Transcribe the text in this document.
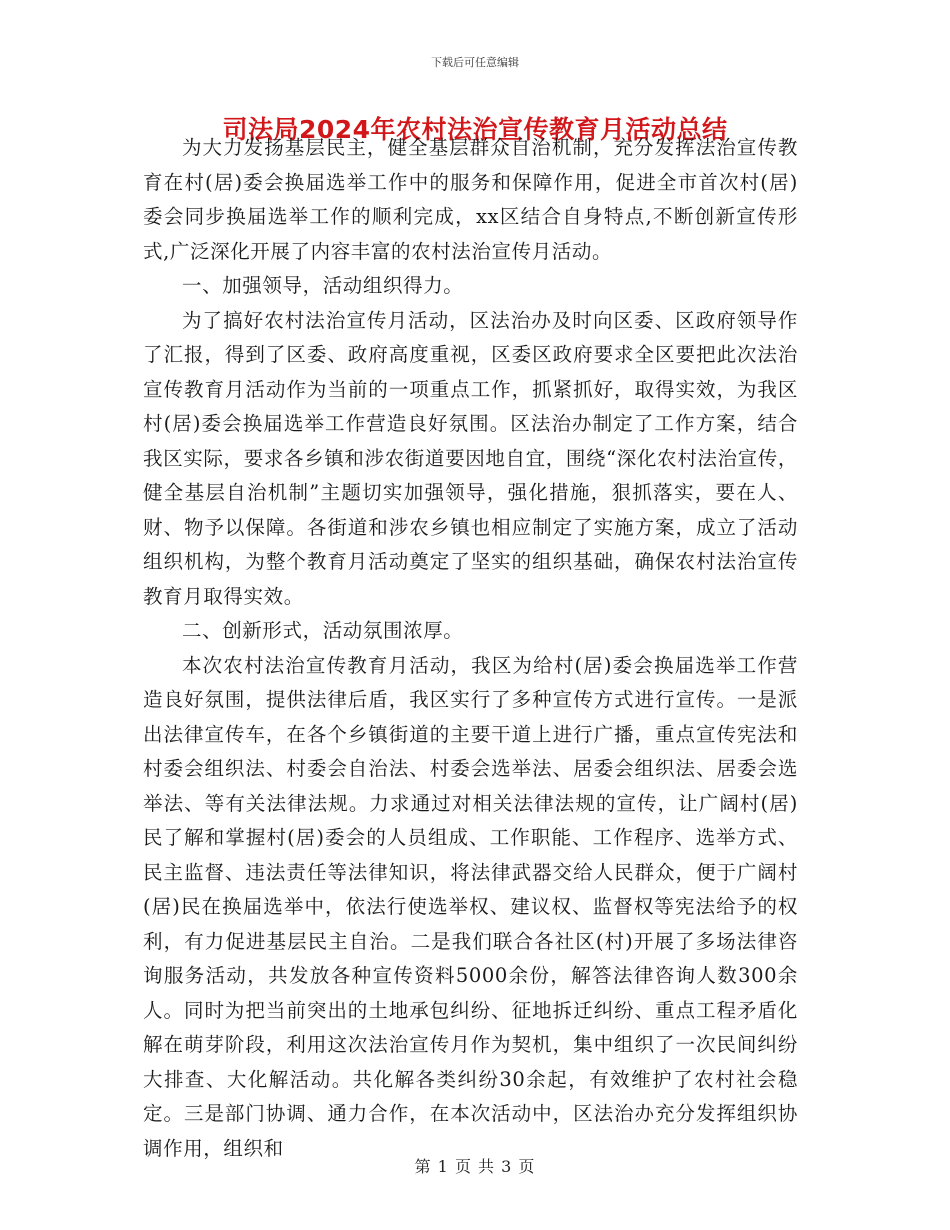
下载后可任意编辑
司法局2024年农村法治宣传教育月活动总结

为大力发扬基层民主，健全基层群众自治机制，充分发挥法治宣传教育在村(居)委会换届选举工作中的服务和保障作用，促进全市首次村(居)委会同步换届选举工作的顺利完成，xx区结合自身特点,不断创新宣传形式,广泛深化开展了内容丰富的农村法治宣传月活动。

一、加强领导，活动组织得力。

为了搞好农村法治宣传月活动，区法治办及时向区委、区政府领导作了汇报，得到了区委、政府高度重视，区委区政府要求全区要把此次法治宣传教育月活动作为当前的一项重点工作，抓紧抓好，取得实效，为我区村(居)委会换届选举工作营造良好氛围。区法治办制定了工作方案，结合我区实际，要求各乡镇和涉农街道要因地自宜，围绕“深化农村法治宣传，健全基层自治机制”主题切实加强领导，强化措施，狠抓落实，要在人、财、物予以保障。各街道和涉农乡镇也相应制定了实施方案，成立了活动组织机构，为整个教育月活动奠定了坚实的组织基础，确保农村法治宣传教育月取得实效。

二、创新形式，活动氛围浓厚。

本次农村法治宣传教育月活动，我区为给村(居)委会换届选举工作营造良好氛围，提供法律后盾，我区实行了多种宣传方式进行宣传。一是派出法律宣传车，在各个乡镇街道的主要干道上进行广播，重点宣传宪法和村委会组织法、村委会自治法、村委会选举法、居委会组织法、居委会选举法、等有关法律法规。力求通过对相关法律法规的宣传，让广阔村(居)民了解和掌握村(居)委会的人员组成、工作职能、工作程序、选举方式、民主监督、违法责任等法律知识，将法律武器交给人民群众，便于广阔村(居)民在换届选举中，依法行使选举权、建议权、监督权等宪法给予的权利，有力促进基层民主自治。二是我们联合各社区(村)开展了多场法律咨询服务活动，共发放各种宣传资料5000余份，解答法律咨询人数300余人。同时为把当前突出的土地承包纠纷、征地拆迁纠纷、重点工程矛盾化解在萌芽阶段，利用这次法治宣传月作为契机，集中组织了一次民间纠纷大排查、大化解活动。共化解各类纠纷30余起，有效维护了农村社会稳定。三是部门协调、通力合作，在本次活动中，区法治办充分发挥组织协调作用，组织和

第 1 页 共 3 页
